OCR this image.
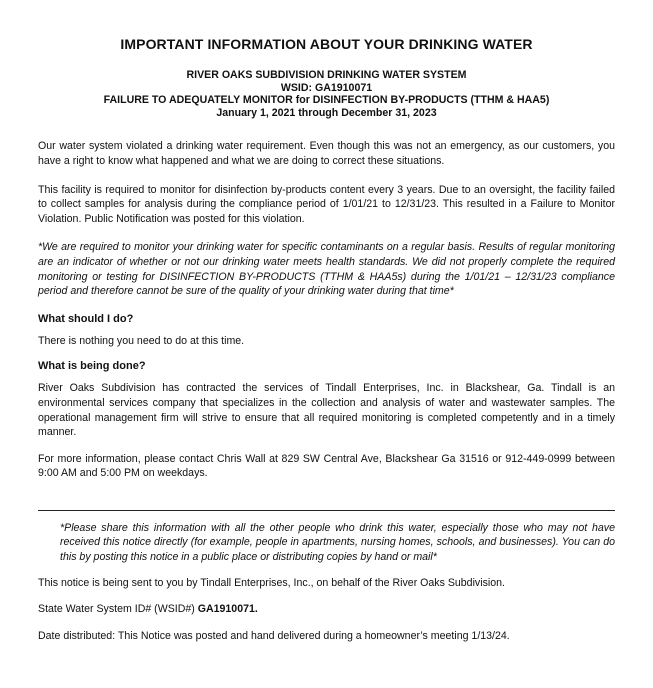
IMPORTANT INFORMATION ABOUT YOUR DRINKING WATER
RIVER OAKS SUBDIVISION DRINKING WATER SYSTEM
WSID: GA1910071
FAILURE TO ADEQUATELY MONITOR for DISINFECTION BY-PRODUCTS (TTHM & HAA5)
January 1, 2021 through December 31, 2023

Our water system violated a drinking water requirement. Even though this was not an emergency, as our customers, you have a right to know what happened and what we are doing to correct these situations.

This facility is required to monitor for disinfection by-products content every 3 years. Due to an oversight, the facility failed to collect samples for analysis during the compliance period of 1/01/21 to 12/31/23. This resulted in a Failure to Monitor Violation. Public Notification was posted for this violation.

*We are required to monitor your drinking water for specific contaminants on a regular basis. Results of regular monitoring are an indicator of whether or not our drinking water meets health standards. We did not properly complete the required monitoring or testing for DISINFECTION BY-PRODUCTS (TTHM & HAA5s) during the 1/01/21 – 12/31/23 compliance period and therefore cannot be sure of the quality of your drinking water during that time*

What should I do?

There is nothing you need to do at this time.

What is being done?

River Oaks Subdivision has contracted the services of Tindall Enterprises, Inc. in Blackshear, Ga. Tindall is an environmental services company that specializes in the collection and analysis of water and wastewater samples. The operational management firm will strive to ensure that all required monitoring is completed competently and in a timely manner.

For more information, please contact Chris Wall at 829 SW Central Ave, Blackshear Ga 31516 or 912-449-0999 between 9:00 AM and 5:00 PM on weekdays.

*Please share this information with all the other people who drink this water, especially those who may not have received this notice directly (for example, people in apartments, nursing homes, schools, and businesses). You can do this by posting this notice in a public place or distributing copies by hand or mail*

This notice is being sent to you by Tindall Enterprises, Inc., on behalf of the River Oaks Subdivision.

State Water System ID# (WSID#) GA1910071.

Date distributed: This Notice was posted and hand delivered during a homeowner’s meeting 1/13/24.
